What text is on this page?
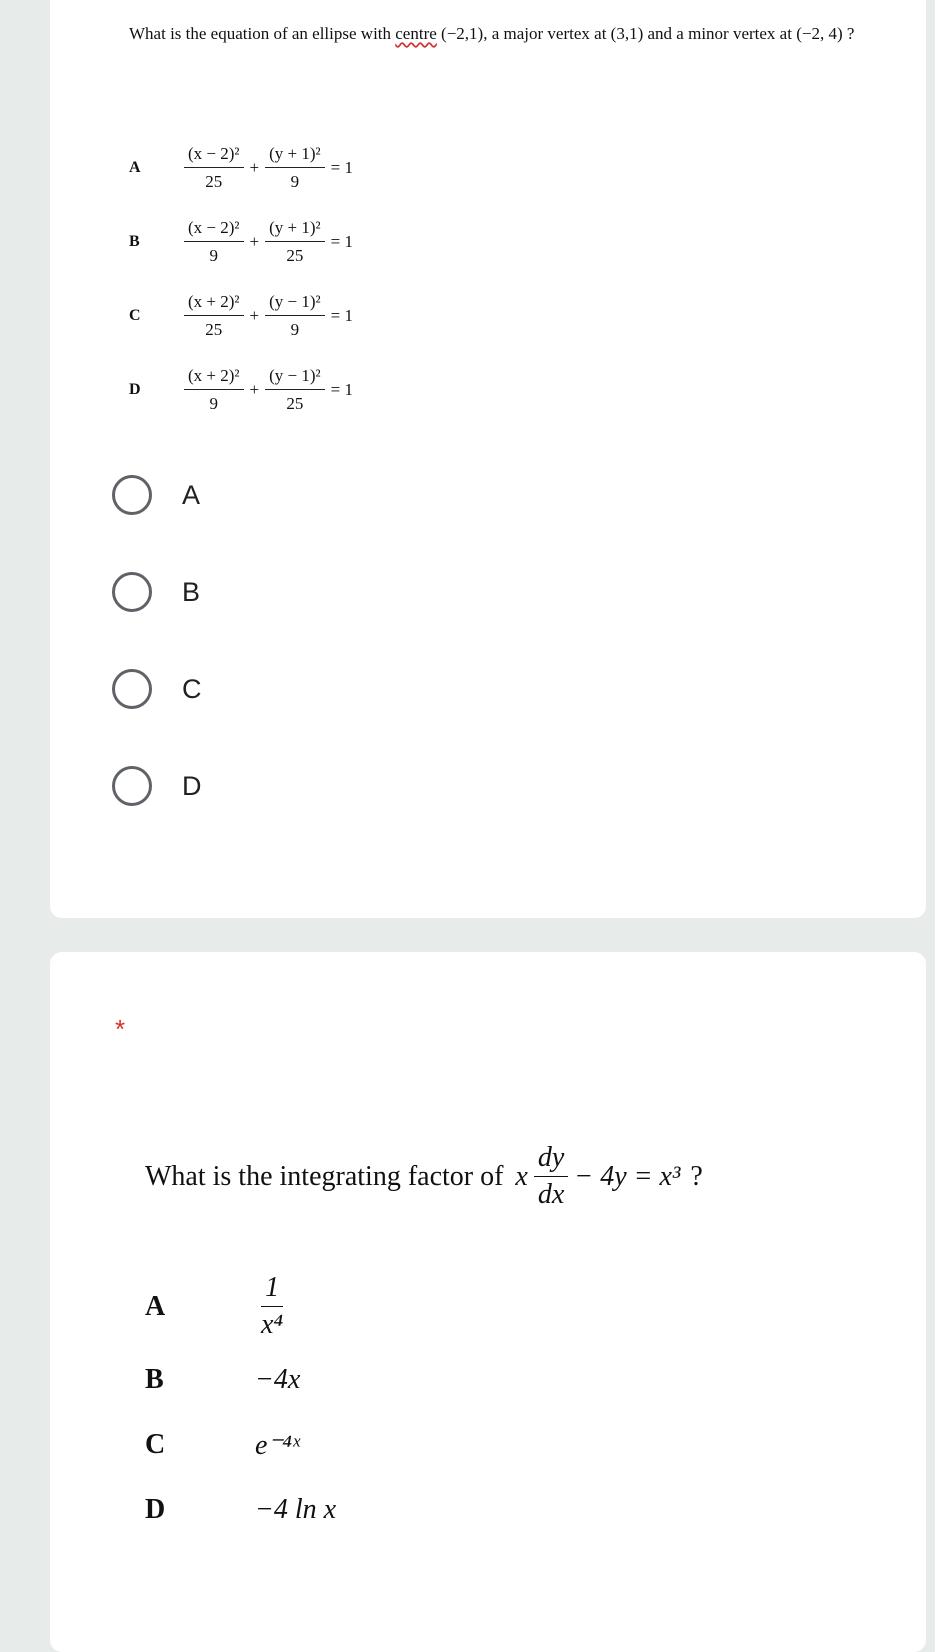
What is the equation of an ellipse with centre (−2,1), a major vertex at (3,1) and a minor vertex at (−2, 4) ?
A	$\frac{\text{(x − 2)²}}{25} + \frac{\text{(y + 1)²}}{9} = 1$
B	$\frac{\text{(x − 2)²}}{9} + \frac{\text{(y + 1)²}}{25} = 1$
C	$\frac{\text{(x + 2)²}}{25} + \frac{\text{(y − 1)²}}{9} = 1$
D	$\frac{\text{(x + 2)²}}{9} + \frac{\text{(y − 1)²}}{25} = 1$
A
B
C
D
*
What is the integrating factor of x $\frac{dy}{dx} - 4y = x^3$ ?
A	$\frac{1}{\text{x⁴}}$
B	−4x
C	e⁻⁴ˣ
D	−4 ln x
